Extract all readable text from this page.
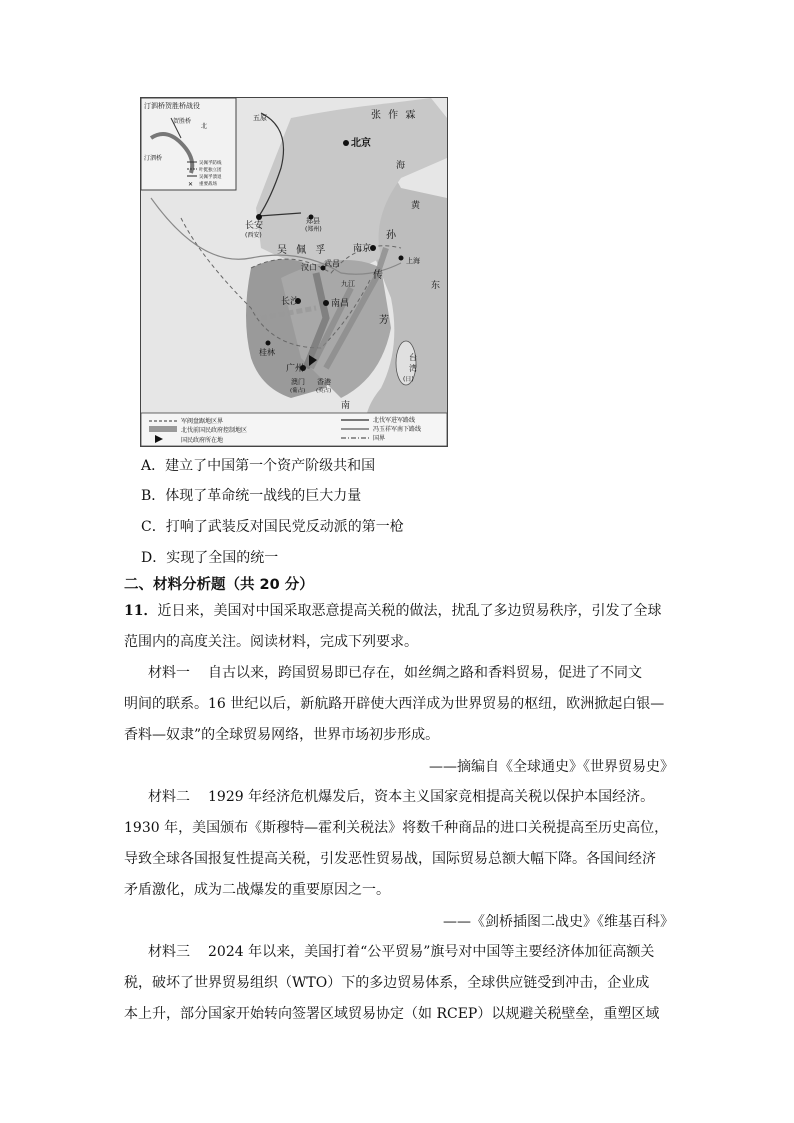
汀泗桥贺胜桥战役
贺胜桥
汀泗桥
北
吴佩孚防线
叶挺独立团
吴佩孚溃退
✕ 重要战场
五原
北京
张 作 霖
长安
(西安)
郑县
(郑州)
吴 佩 孚	南京
孙
传
芳
上海
汉口 武昌
九江
长沙	南昌
桂林
广州
澳门
(葡占)
香港
(英占)
台
湾
(日)
海
黄
东
南
军阀盘踞地区界
北伐前国民政府控制地区
国民政府所在地
北伐军进军路线
冯玉祥军南下路线
国界
A．建立了中国第一个资产阶级共和国
B．体现了革命统一战线的巨大力量
C．打响了武装反对国民党反动派的第一枪
D．实现了全国的统一
二、材料分析题（共 20 分）
11．近日来，美国对中国采取恶意提高关税的做法，扰乱了多边贸易秩序，引发了全球
范围内的高度关注。阅读材料，完成下列要求。
材料一 自古以来，跨国贸易即已存在，如丝绸之路和香料贸易，促进了不同文
明间的联系。16 世纪以后，新航路开辟使大西洋成为世界贸易的枢纽，欧洲掀起白银—
香料—奴隶”的全球贸易网络，世界市场初步形成。
——摘编自《全球通史》《世界贸易史》
材料二 1929 年经济危机爆发后，资本主义国家竞相提高关税以保护本国经济。
1930 年，美国颁布《斯穆特—霍利关税法》将数千种商品的进口关税提高至历史高位，
导致全球各国报复性提高关税，引发恶性贸易战，国际贸易总额大幅下降。各国间经济
矛盾激化，成为二战爆发的重要原因之一。
——《剑桥插图二战史》《维基百科》
材料三 2024 年以来，美国打着“公平贸易”旗号对中国等主要经济体加征高额关
税，破坏了世界贸易组织（WTO）下的多边贸易体系，全球供应链受到冲击，企业成
本上升，部分国家开始转向签署区域贸易协定（如 RCEP）以规避关税壁垒，重塑区域
